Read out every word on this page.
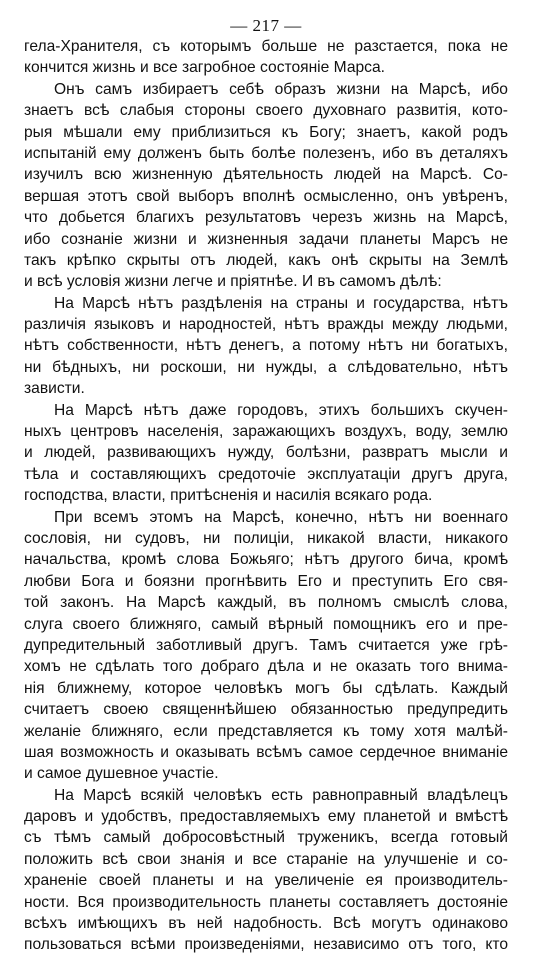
— 217 —
гела-Хранителя, съ которымъ больше не разстается, пока не
кончится жизнь и все загробное состоянiе Марса.
Онъ самъ избираетъ себѣ образъ жизни на Марсѣ, ибо
знаетъ всѣ слабыя стороны своего духовнаго развитiя, кото-
рыя мѣшали ему приблизиться къ Богу; знаетъ, какой родъ
испытанiй ему долженъ быть болѣе полезенъ, ибо въ деталяхъ
изучилъ всю жизненную дѣятельность людей на Марсѣ. Со-
вершая этотъ свой выборъ вполнѣ осмысленно, онъ увѣренъ,
что добьется благихъ результатовъ черезъ жизнь на Марсѣ,
ибо сознанiе жизни и жизненныя задачи планеты Марсъ не
такъ крѣпко скрыты отъ людей, какъ онѣ скрыты на Землѣ
и всѣ условiя жизни легче и прiятнѣе. И въ самомъ дѣлѣ:
На Марсѣ нѣтъ раздѣленiя на страны и государства, нѣтъ
различiя языковъ и народностей, нѣтъ вражды между людьми,
нѣтъ собственности, нѣтъ денегъ, а потому нѣтъ ни богатыхъ,
ни бѣдныхъ, ни роскоши, ни нужды, а слѣдовательно, нѣтъ
зависти.
На Марсѣ нѣтъ даже городовъ, этихъ большихъ скучен-
ныхъ центровъ населенiя, заражающихъ воздухъ, воду, землю
и людей, развивающихъ нужду, болѣзни, развратъ мысли и
тѣла и составляющихъ средоточiе эксплуатацiи другъ друга,
господства, власти, притѣсненiя и насилiя всякаго рода.
При всемъ этомъ на Марсѣ, конечно, нѣтъ ни военнаго
сословiя, ни судовъ, ни полицiи, никакой власти, никакого
начальства, кромѣ слова Божьяго; нѣтъ другого бича, кромѣ
любви Бога и боязни прогнѣвить Его и преступить Его свя-
той законъ. На Марсѣ каждый, въ полномъ смыслѣ слова,
слуга своего ближняго, самый вѣрный помощникъ его и пре-
дупредительный заботливый другъ. Тамъ считается уже грѣ-
хомъ не сдѣлать того добраго дѣла и не оказать того внима-
нiя ближнему, которое человѣкъ могъ бы сдѣлать. Каждый
считаетъ своею священнѣйшею обязанностью предупредить
желанiе ближняго, если представляется къ тому хотя малѣй-
шая возможность и оказывать всѣмъ самое сердечное вниманiе
и самое душевное участiе.
На Марсѣ всякiй человѣкъ есть равноправный владѣлецъ
даровъ и удобствъ, предоставляемыхъ ему планетой и вмѣстѣ
съ тѣмъ самый добросовѣстный труженикъ, всегда готовый
положить всѣ свои знанiя и все старанiе на улучшенiе и со-
храненiе своей планеты и на увеличенiе ея производитель-
ности. Вся производительность планеты составляетъ достоянiе
всѣхъ имѣющихъ въ ней надобность. Всѣ могутъ одинаково
пользоваться всѣми произведенiями, независимо отъ того, кто
